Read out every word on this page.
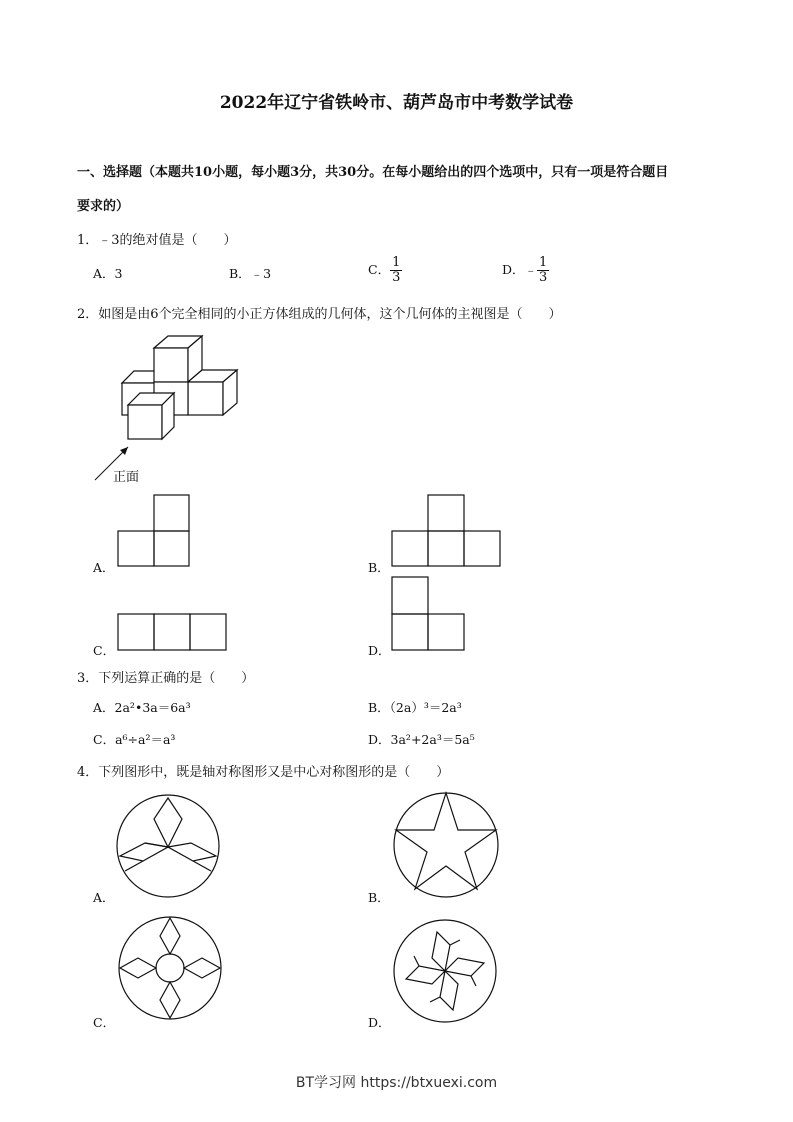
2022年辽宁省铁岭市、葫芦岛市中考数学试卷
一、选择题（本题共10小题，每小题3分，共30分。在每小题给出的四个选项中，只有一项是符合题目
要求的）
1．﹣3的绝对值是（　　）
A．3	B．﹣3	C． $\frac{1}{3}$	D．﹣ $\frac{1}{3}$
2．如图是由6个完全相同的小正方体组成的几何体，这个几何体的主视图是（　　）
正面
A．	B．
C．	D．
3．下列运算正确的是（　　）
A．2a²•3a＝6a³	B．（2a）³＝2a³
C．a⁶÷a²＝a³	D．3a²+2a³＝5a⁵
4．下列图形中，既是轴对称图形又是中心对称图形的是（　　）
A．	B．
C．	D．
BT学习网 https://btxuexi.com
